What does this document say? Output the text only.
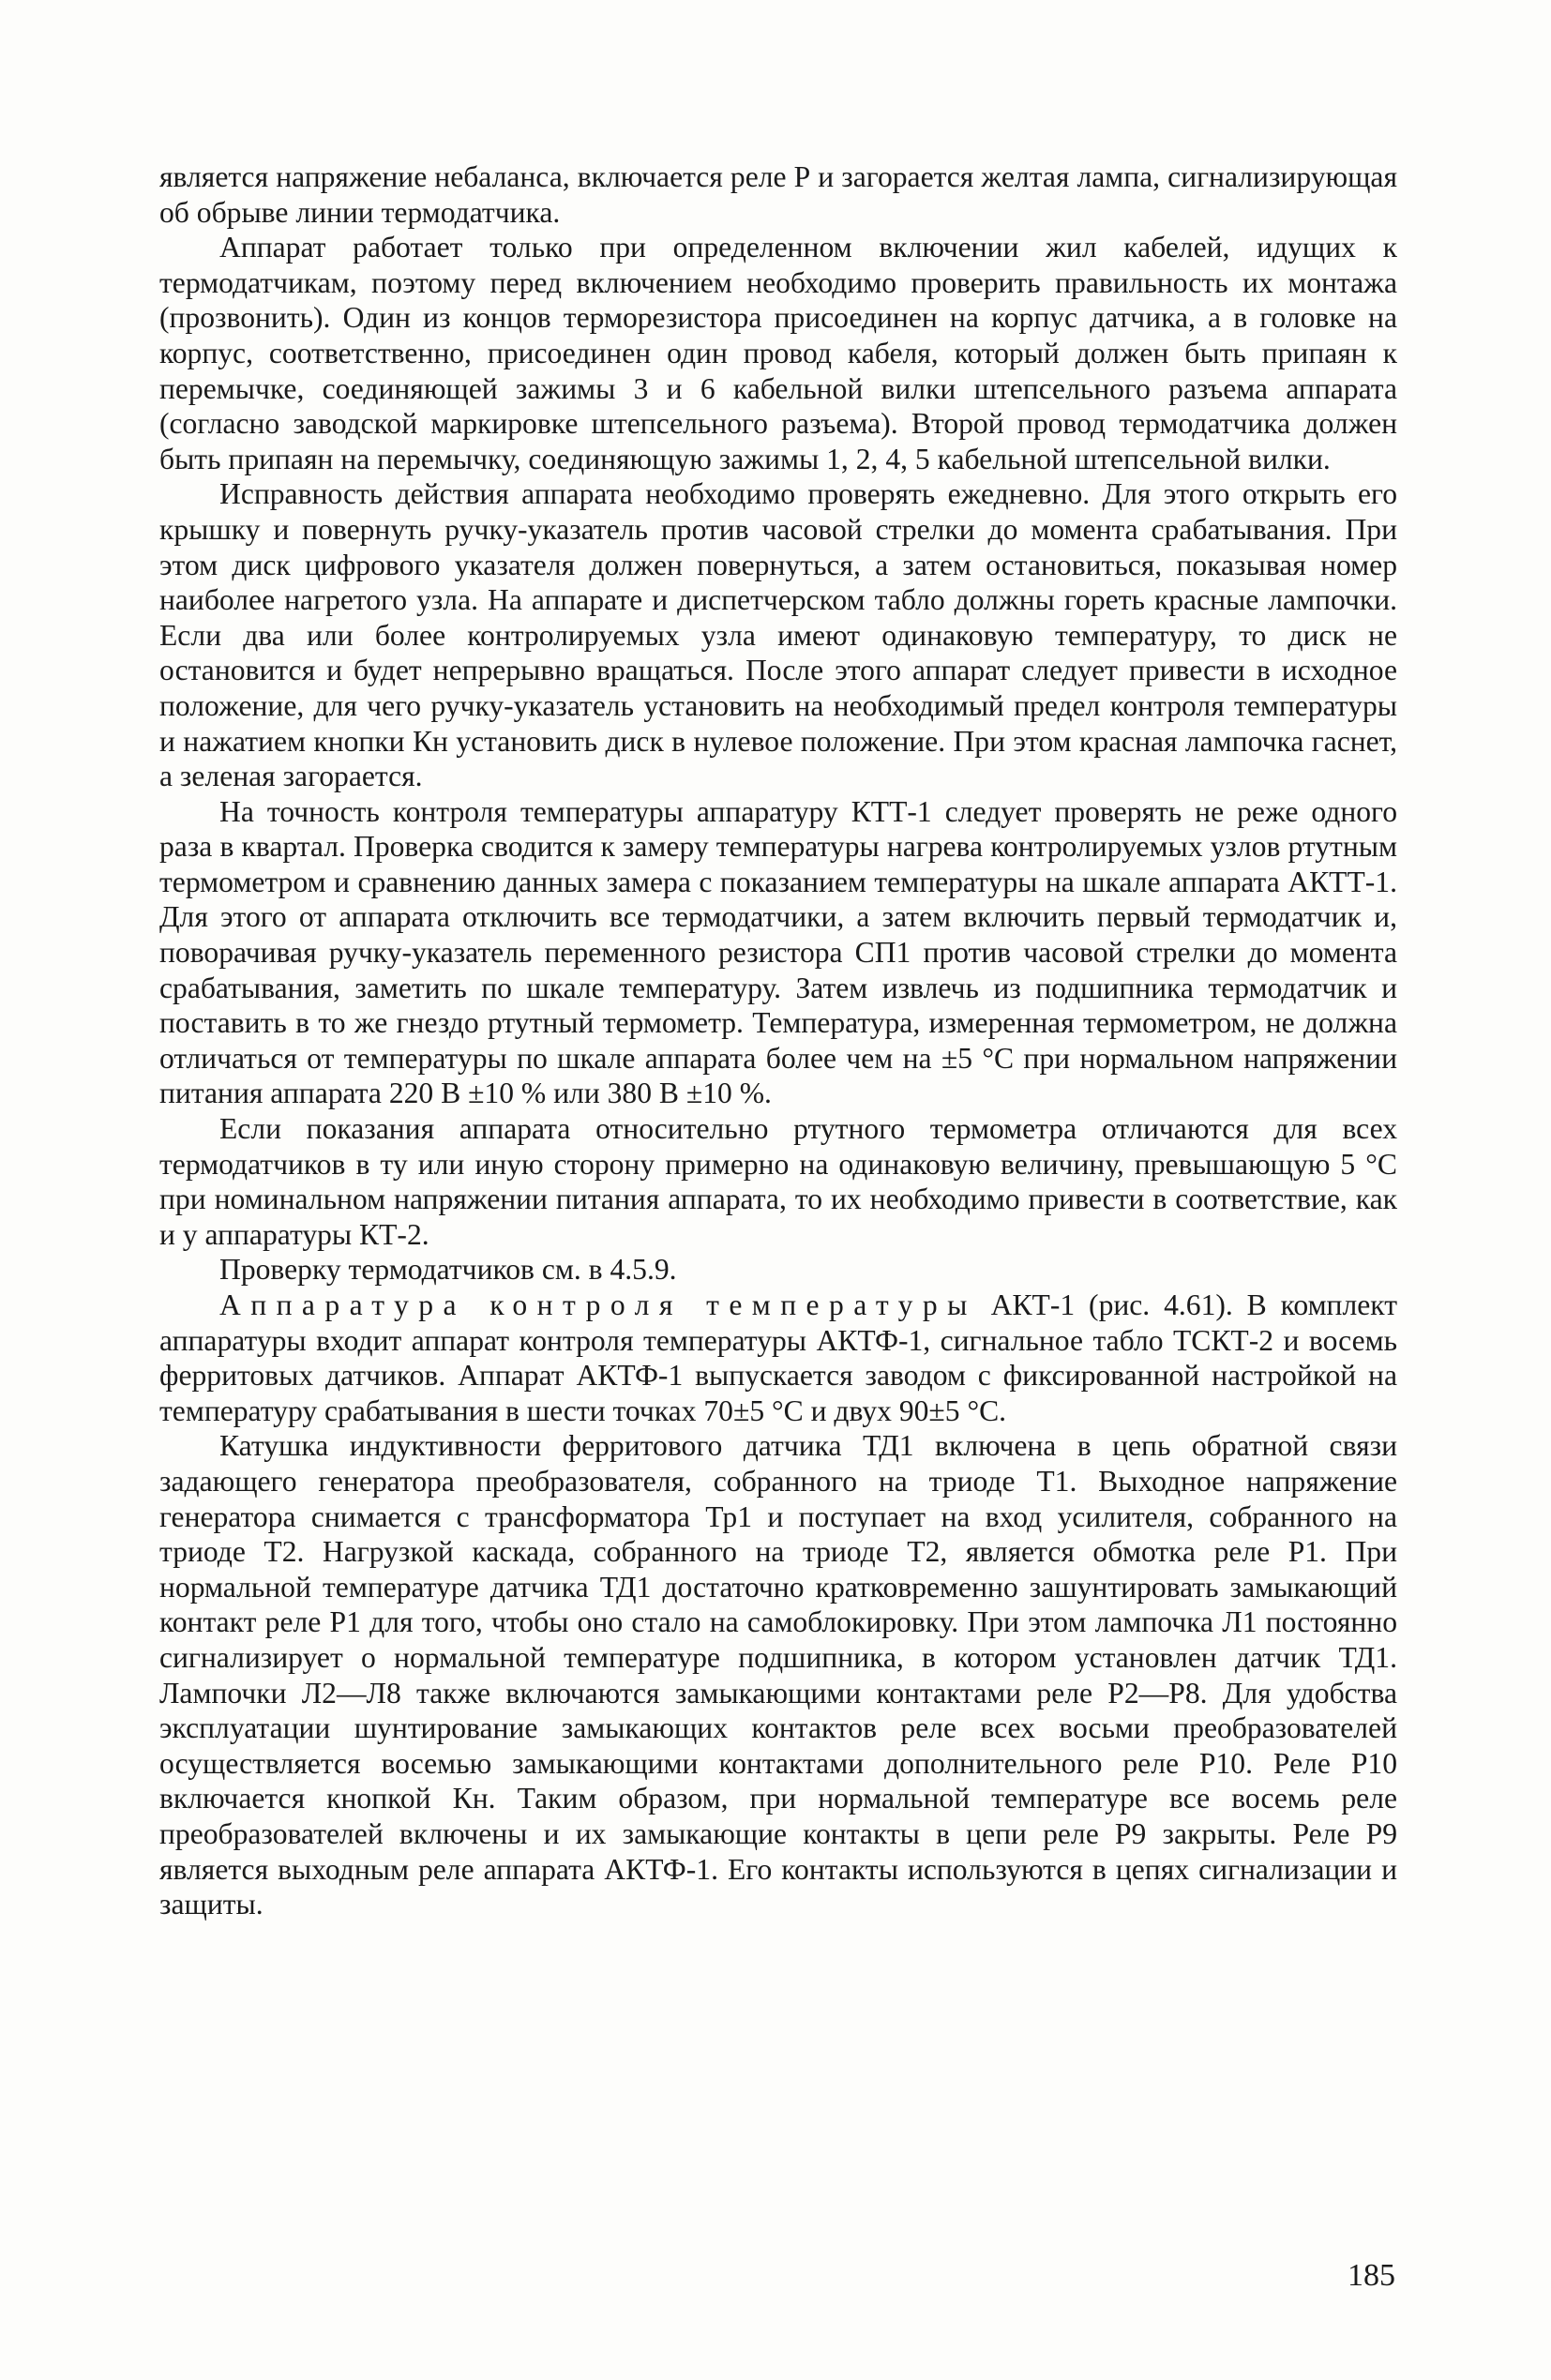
является напряжение небаланса, включается реле Р и загорается желтая лампа, сигнализирующая об обрыве линии термодатчика.

Аппарат работает только при определенном включении жил кабелей, идущих к термодатчикам, поэтому перед включением необходимо проверить правильность их монтажа (прозвонить). Один из концов терморезистора присоединен на корпус датчика, а в головке на корпус, соответственно, присоединен один провод кабеля, который должен быть припаян к перемычке, соединяющей зажимы 3 и 6 кабельной вилки штепсельного разъема аппарата (согласно заводской маркировке штепсельного разъема). Второй провод термодатчика должен быть припаян на перемычку, соединяющую зажимы 1, 2, 4, 5 кабельной штепсельной вилки.

Исправность действия аппарата необходимо проверять ежедневно. Для этого открыть его крышку и повернуть ручку-указатель против часовой стрелки до момента срабатывания. При этом диск цифрового указателя должен повернуться, а затем остановиться, показывая номер наиболее нагретого узла. На аппарате и диспетчерском табло должны гореть красные лампочки. Если два или более контролируемых узла имеют одинаковую температуру, то диск не остановится и будет непрерывно вращаться. После этого аппарат следует привести в исходное положение, для чего ручку-указатель установить на необходимый предел контроля температуры и нажатием кнопки Кн установить диск в нулевое положение. При этом красная лампочка гаснет, а зеленая загорается.

На точность контроля температуры аппаратуру КТТ-1 следует проверять не реже одного раза в квартал. Проверка сводится к замеру температуры нагрева контролируемых узлов ртутным термометром и сравнению данных замера с показанием температуры на шкале аппарата АКТТ-1. Для этого от аппарата отключить все термодатчики, а затем включить первый термодатчик и, поворачивая ручку-указатель переменного резистора СП1 против часовой стрелки до момента срабатывания, заметить по шкале температуру. Затем извлечь из подшипника термодатчик и поставить в то же гнездо ртутный термометр. Температура, измеренная термометром, не должна отличаться от температуры по шкале аппарата более чем на ±5 °С при нормальном напряжении питания аппарата 220 В ±10 % или 380 В ±10 %.

Если показания аппарата относительно ртутного термометра отличаются для всех термодатчиков в ту или иную сторону примерно на одинаковую величину, превышающую 5 °С при номинальном напряжении питания аппарата, то их необходимо привести в соответствие, как и у аппаратуры КТ-2.

Проверку термодатчиков см. в 4.5.9.

Аппаратура контроля температуры АКТ-1 (рис. 4.61). В комплект аппаратуры входит аппарат контроля температуры АКТФ-1, сигнальное табло ТСКТ-2 и восемь ферритовых датчиков. Аппарат АКТФ-1 выпускается заводом с фиксированной настройкой на температуру срабатывания в шести точках 70±5 °С и двух 90±5 °С.

Катушка индуктивности ферритового датчика ТД1 включена в цепь обратной связи задающего генератора преобразователя, собранного на триоде Т1. Выходное напряжение генератора снимается с трансформатора Тр1 и поступает на вход усилителя, собранного на триоде Т2. Нагрузкой каскада, собранного на триоде Т2, является обмотка реле Р1. При нормальной температуре датчика ТД1 достаточно кратковременно зашунтировать замыкающий контакт реле Р1 для того, чтобы оно стало на самоблокировку. При этом лампочка Л1 постоянно сигнализирует о нормальной температуре подшипника, в котором установлен датчик ТД1. Лампочки Л2—Л8 также включаются замыкающими контактами реле Р2—Р8. Для удобства эксплуатации шунтирование замыкающих контактов реле всех восьми преобразователей осуществляется восемью замыкающими контактами дополнительного реле Р10. Реле Р10 включается кнопкой Кн. Таким образом, при нормальной температуре все восемь реле преобразователей включены и их замыкающие контакты в цепи реле Р9 закрыты. Реле Р9 является выходным реле аппарата АКТФ-1. Его контакты используются в цепях сигнализации и защиты.

185
